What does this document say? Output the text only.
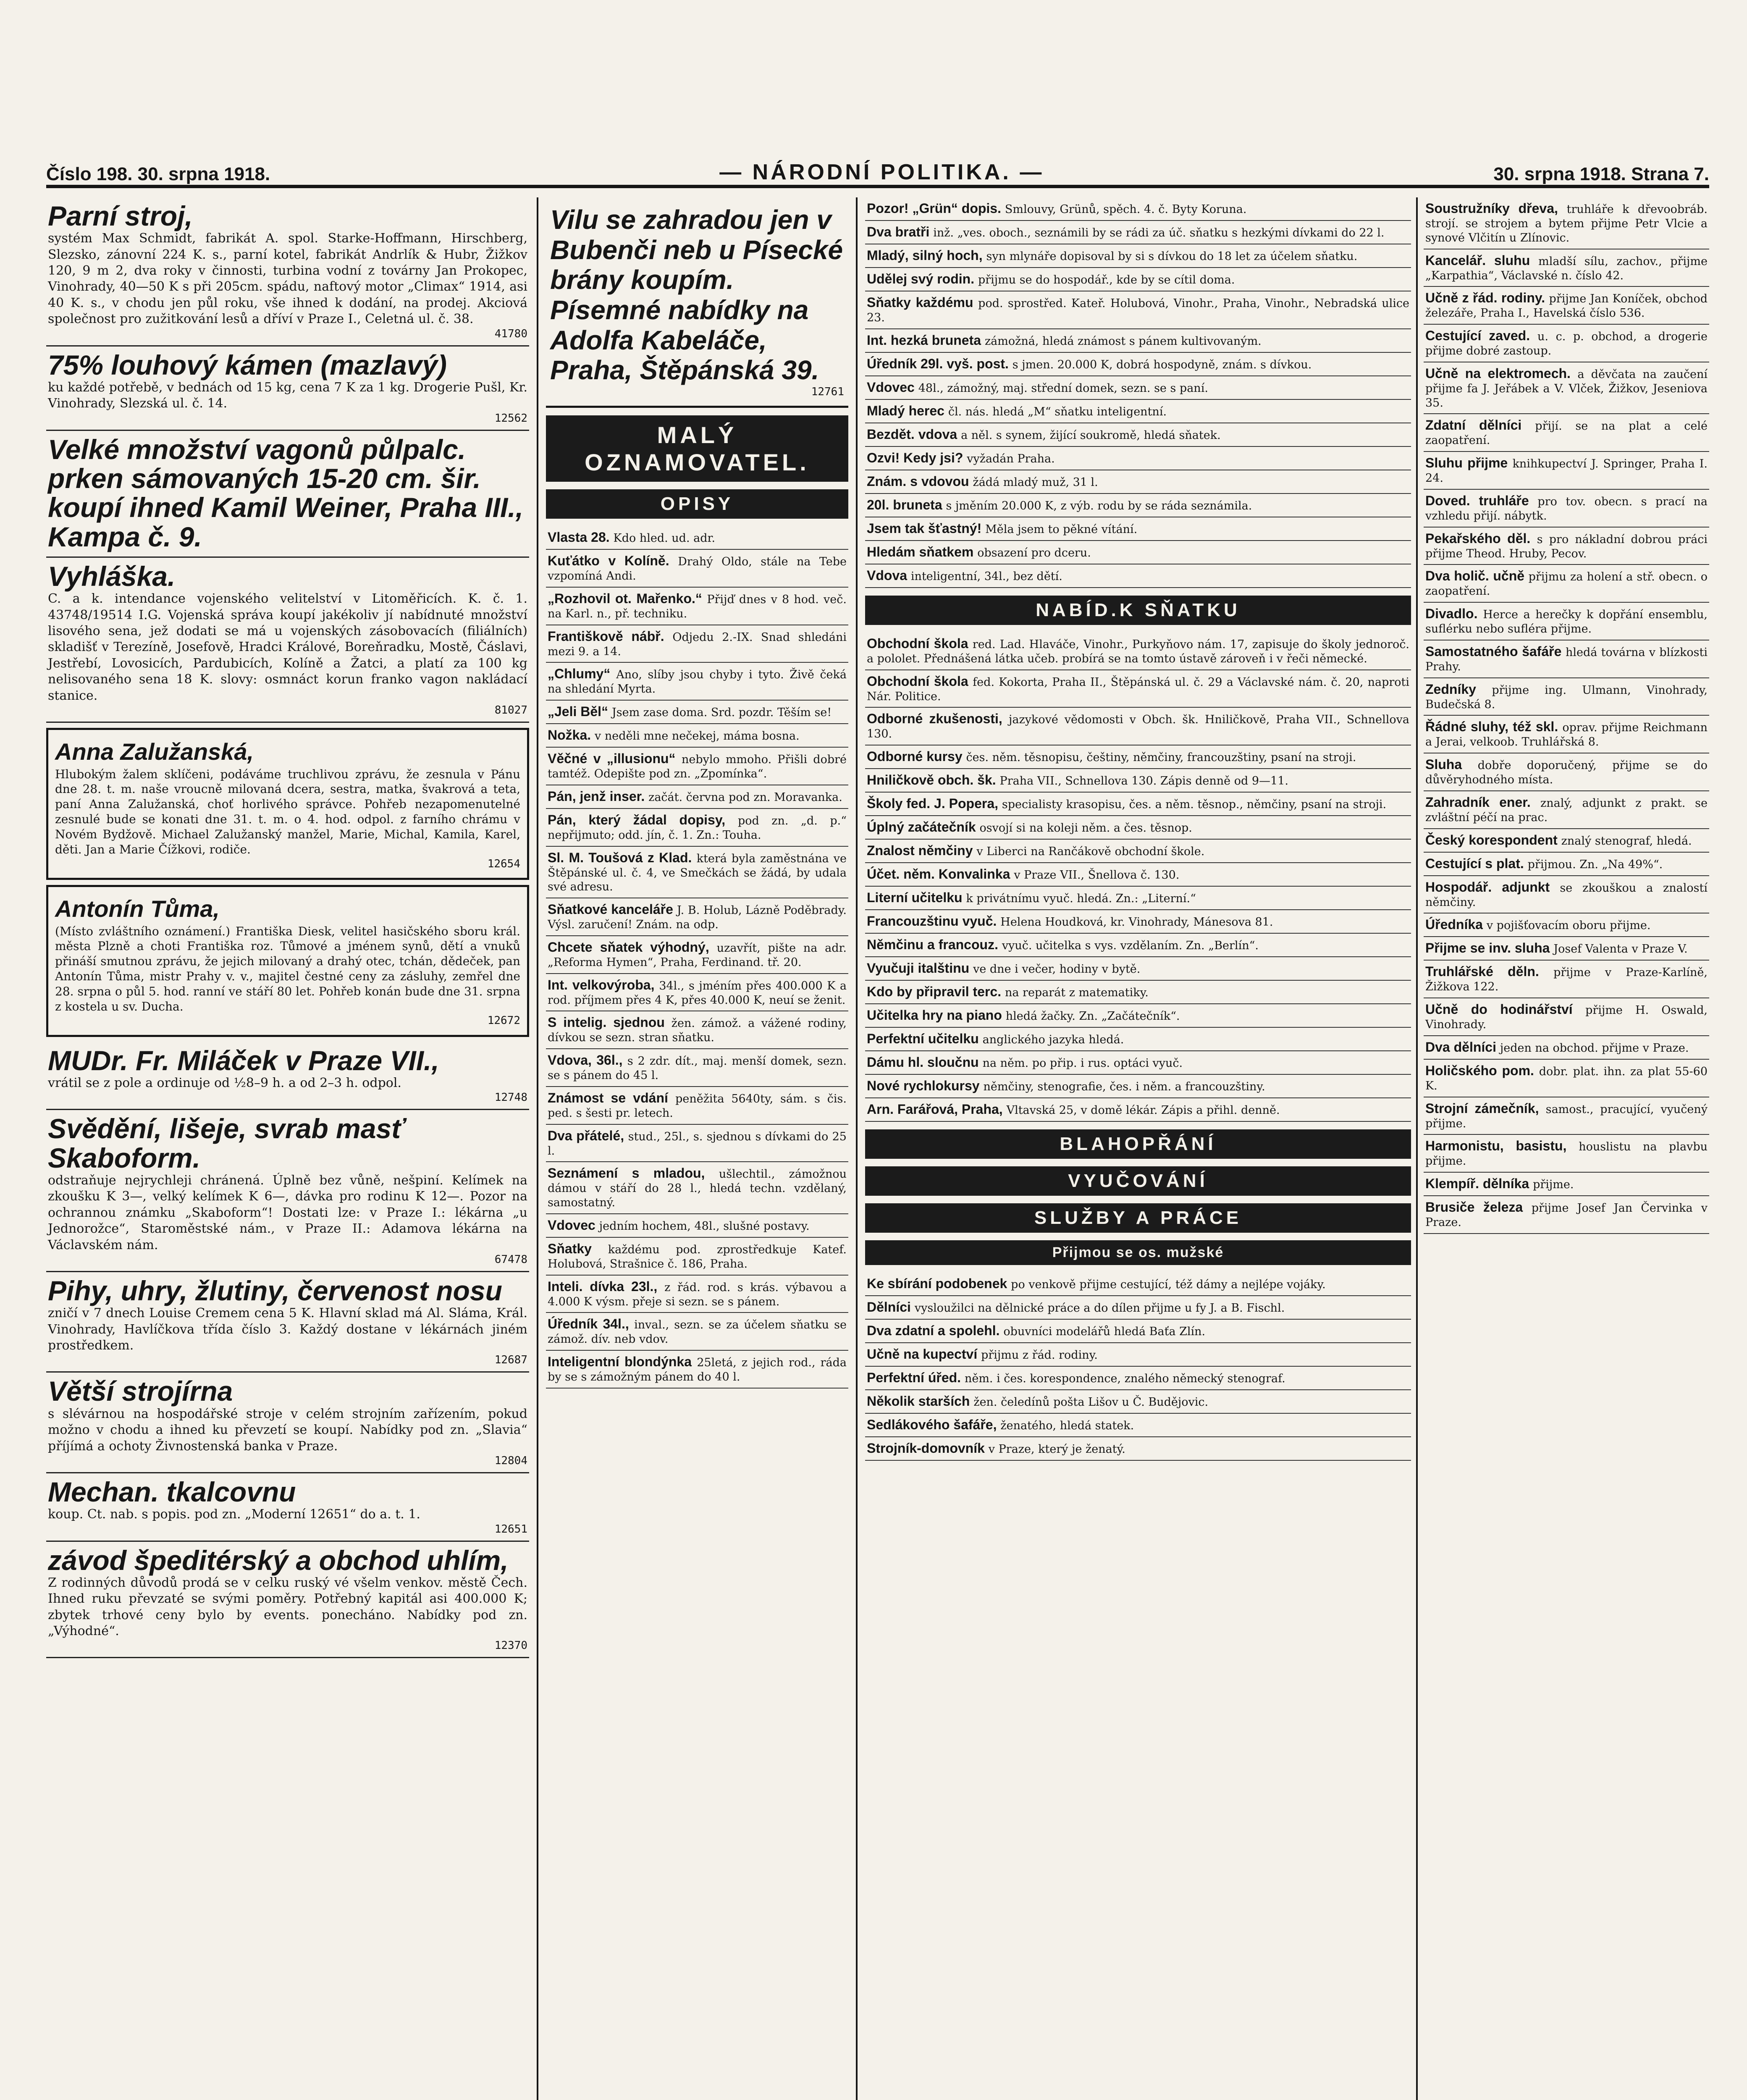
Číslo 198. 30. srpna 1918.	— NÁRODNÍ POLITIKA. —	30. srpna 1918. Strana 7.
Parní stroj,
systém Max Schmidt, fabrikát A. spol. Starke-Hoffmann, Hirschberg, Slezsko, zánovní 224 K. s., parní kotel, fabrikát Andrlík & Hubr, Žižkov 120, 9 m 2, dva roky v činnosti, turbina vodní z továrny Jan Prokopec, Vinohrady, 40—50 K s při 205cm. spádu, naftový motor „Climax“ 1914, asi 40 K. s., v chodu jen půl roku, vše ihned k dodání, na prodej. Akciová společnost pro zužitkování lesů a dříví v Praze I., Celetná ul. č. 38.
41780
75% louhový kámen (mazlavý)
ku každé potřebě, v bednách od 15 kg, cena 7 K za 1 kg. Drogerie Pušl, Kr. Vinohrady, Slezská ul. č. 14.
12562
Velké množství vagonů půlpalc. prken sámovaných 15-20 cm. šir. koupí ihned Kamil Weiner, Praha III., Kampa č. 9.
Vyhláška.
C. a k. intendance vojenského velitelství v Litoměřicích. K. č. 1. 43748/19514 I.G. Vojenská správa koupí jakékoliv jí nabídnuté množství lisového sena, jež dodati se má u vojenských zásobovacích (filiálních) skladišť v Terezíně, Josefově, Hradci Králové, Boreňradku, Mostě, Čáslavi, Jestřebí, Lovosicích, Pardubicích, Kolíně a Žatci, a platí za 100 kg nelisovaného sena 18 K. slovy: osmnáct korun franko vagon nakládací stanice.
81027
Anna Zalužanská,
Hlubokým žalem sklíčeni, podáváme truchlivou zprávu, že zesnula v Pánu dne 28. t. m. naše vroucně milovaná dcera, sestra, matka, švakrová a teta, paní Anna Zalužanská, choť horlivého správce. Pohřeb nezapomenutelné zesnulé bude se konati dne 31. t. m. o 4. hod. odpol. z farního chrámu v Novém Bydžově. Michael Zalužanský manžel, Marie, Michal, Kamila, Karel, děti. Jan a Marie Čížkovi, rodiče.
12654
Antonín Tůma,
(Místo zvláštního oznámení.) Františka Diesk, velitel hasičského sboru král. města Plzně a choti Františka roz. Tůmové a jménem synů, dětí a vnuků přináší smutnou zprávu, že jejich milovaný a drahý otec, tchán, dědeček, pan Antonín Tůma, mistr Prahy v. v., majitel čestné ceny za zásluhy, zemřel dne 28. srpna o půl 5. hod. ranní ve stáří 80 let. Pohřeb konán bude dne 31. srpna z kostela u sv. Ducha.
12672
MUDr. Fr. Miláček v Praze VII.,
vrátil se z pole a ordinuje od ½8–9 h. a od 2–3 h. odpol.
12748
Svědění, lišeje, svrab masť Skaboform.
odstraňuje nejrychleji chránená. Úplně bez vůně, nešpiní. Kelímek na zkoušku K 3—, velký kelímek K 6—, dávka pro rodinu K 12—. Pozor na ochrannou známku „Skaboform“! Dostati lze: v Praze I.: lékárna „u Jednorožce“, Staroměstské nám., v Praze II.: Adamova lékárna na Václavském nám.
67478
Pihy, uhry, žlutiny, červenost nosu
zničí v 7 dnech Louise Cremem cena 5 K. Hlavní sklad má Al. Sláma, Král. Vinohrady, Havlíčkova třída číslo 3. Každý dostane v lékárnách jiném prostředkem.
12687
Větší strojírna
s slévárnou na hospodářské stroje v celém strojním zařízením, pokud možno v chodu a ihned ku převzetí se koupí. Nabídky pod zn. „Slavia“ příjímá a ochoty Živnostenská banka v Praze.
12804
Mechan. tkalcovnu
koup. Ct. nab. s popis. pod zn. „Moderní 12651“ do a. t. 1.
12651
závod špeditérský a obchod uhlím,
Z rodinných důvodů prodá se v celku ruský vé všelm venkov. městě Čech. Ihned ruku převzaté se svými poměry. Potřebný kapitál asi 400.000 K; zbytek trhové ceny bylo by events. ponecháno. Nabídky pod zn. „Výhodné“.
12370
Vilu se zahradou jen v Bubenči neb u Písecké brány koupím. Písemné nabídky na Adolfa Kabeláče, Praha, Štěpánská 39.
12761
MALÝ OZNAMOVATEL.
OPISY
Vlasta 28. Kdo hled. ud. adr.
Kuťátko v Kolíně. Drahý Oldo, stále na Tebe vzpomíná Andi.
„Rozhovil ot. Mařenko.“ Přijď dnes v 8 hod. več. na Karl. n., př. techniku.
Františkově nábř. Odjedu 2.-IX. Snad shledáni mezi 9. a 14.
„Chlumy“ Ano, slíby jsou chyby i tyto. Živě čeká na shledání Myrta.
„Jeli Běl“ Jsem zase doma. Srd. pozdr. Těším se!
Nožka. v neděli mne nečekej, máma bosna.
Věčné v „illusionu“ nebylo mmoho. Přišli dobré tamtéž. Odepište pod zn. „Zpomínka“.
Pán, jenž inser. začát. června pod zn. Moravanka.
Pán, který žádal dopisy, pod zn. „d. p.“ nepřijmuto; odd. jín, č. 1. Zn.: Touha.
Sl. M. Toušová z Klad. která byla zaměstnána ve Štěpánské ul. č. 4, ve Smečkách se žádá, by udala své adresu.
Sňatkové kanceláře J. B. Holub, Lázně Poděbrady. Výsl. zaručení! Znám. na odp.
Chcete sňatek výhodný, uzavřít, pište na adr. „Reforma Hymen“, Praha, Ferdinand. tř. 20.
Int. velkovýroba, 34l., s jméním přes 400.000 K a rod. příjmem přes 4 K, přes 40.000 K, neuí se ženit.
S intelig. sjednou žen. zámož. a vážené rodiny, dívkou se sezn. stran sňatku.
Vdova, 36l., s 2 zdr. dít., maj. menší domek, sezn. se s pánem do 45 l.
Známost se vdání peněžita 5640ty, sám. s čis. ped. s šesti pr. letech.
Dva přátelé, stud., 25l., s. sjednou s dívkami do 25 l.
Seznámení s mladou, ušlechtil., zámožnou dámou v stáří do 28 l., hledá techn. vzdělaný, samostatný.
Vdovec jedním hochem, 48l., slušné postavy.
Sňatky každému pod. zprostředkuje Katef. Holubová, Strašnice č. 186, Praha.
Inteli. dívka 23l., z řád. rod. s krás. výbavou a 4.000 K výsm. přeje si sezn. se s pánem.
Úředník 34l., inval., sezn. se za účelem sňatku se zámož. dív. neb vdov.
Inteligentní blondýnka 25letá, z jejich rod., ráda by se s zámožným pánem do 40 l.
Pozor! „Grün“ dopis. Smlouvy, Grünů, spěch. 4. č. Byty Koruna.
Dva bratři inž. „ves. oboch., seznámili by se rádi za úč. sňatku s hezkými dívkami do 22 l.
Mladý, silný hoch, syn mlynáře dopisoval by si s dívkou do 18 let za účelem sňatku.
Udělej svý rodin. přijmu se do hospodář., kde by se cítil doma.
Sňatky každému pod. sprostřed. Kateř. Holubová, Vinohr., Praha, Vinohr., Nebradská ulice 23.
Int. hezká bruneta zámožná, hledá známost s pánem kultivovaným.
Úředník 29l. vyš. post. s jmen. 20.000 K, dobrá hospodyně, znám. s dívkou.
Vdovec 48l., zámožný, maj. střední domek, sezn. se s paní.
Mladý herec čl. nás. hledá „M“ sňatku inteligentní.
Bezdět. vdova a něl. s synem, žijící soukromě, hledá sňatek.
Ozvi! Kedy jsi? vyžadán Praha.
Znám. s vdovou žádá mladý muž, 31 l.
20l. bruneta s jměním 20.000 K, z výb. rodu by se ráda seznámila.
Jsem tak šťastný! Měla jsem to pěkné vítání.
Hledám sňatkem obsazení pro dceru.
Vdova inteligentní, 34l., bez dětí.
NABÍD.K SŇATKU
Obchodní škola red. Lad. Hlaváče, Vinohr., Purkyňovo nám. 17, zapisuje do školy jednoroč. a pololet. Přednášená látka učeb. probírá se na tomto ústavě zároveň i v řeči německé.
Obchodní škola fed. Kokorta, Praha II., Štěpánská ul. č. 29 a Václavské nám. č. 20, naproti Nár. Politice.
Odborné zkušenosti, jazykové vědomosti v Obch. šk. Hniličkově, Praha VII., Schnellova 130.
Odborné kursy čes. něm. těsnopisu, češtiny, němčiny, francouzštiny, psaní na stroji.
Hniličkově obch. šk. Praha VII., Schnellova 130. Zápis denně od 9—11.
Školy fed. J. Popera, specialisty krasopisu, čes. a něm. těsnop., němčiny, psaní na stroji.
Úplný začátečník osvojí si na koleji něm. a čes. těsnop.
Znalost němčiny v Liberci na Rančákově obchodní škole.
Účet. něm. Konvalinka v Praze VII., Šnellova č. 130.
Literní učitelku k privátnímu vyuč. hledá. Zn.: „Literní.“
Francouzštinu vyuč. Helena Houdková, kr. Vinohrady, Mánesova 81.
Němčinu a francouz. vyuč. učitelka s vys. vzdělaním. Zn. „Berlín“.
Vyučuji italštinu ve dne i večer, hodiny v bytě.
Kdo by připravil terc. na reparát z matematiky.
Učitelka hry na piano hledá žačky. Zn. „Začátečník“.
Perfektní učitelku anglického jazyka hledá.
Dámu hl. sloučnu na něm. po přip. i rus. optáci vyuč.
Nové rychlokursy němčiny, stenografie, čes. i něm. a francouzštiny.
Arn. Farářová, Praha, Vltavská 25, v domě lékár. Zápis a přihl. denně.
BLAHOPŘÁNÍ
VYUČOVÁNÍ
SLUŽBY A PRÁCE
Přijmou se os. mužské
Ke sbírání podobenek po venkově přijme cestující, též dámy a nejlépe vojáky.
Dělníci vysloužilci na dělnické práce a do dílen přijme u fy J. a B. Fischl.
Dva zdatní a spolehl. obuvníci modelářů hledá Baťa Zlín.
Učně na kupectví přijmu z řád. rodiny.
Perfektní úřed. něm. i čes. korespondence, znalého německý stenograf.
Několik starších žen. čeledínů pošta Lišov u Č. Budějovic.
Sedlákového šafáře, ženatého, hledá statek.
Strojník-domovník v Praze, který je ženatý.
Soustružníky dřeva, truhláře k dřevoobráb. strojí. se strojem a bytem přijme Petr Vlcie a synové Vlčitín u Zlínovic.
Kancelář. sluhu mladší sílu, zachov., přijme „Karpathia“, Václavské n. číslo 42.
Učně z řád. rodiny. přijme Jan Koníček, obchod železáře, Praha I., Havelská číslo 536.
Cestující zaved. u. c. p. obchod, a drogerie přijme dobré zastoup.
Učně na elektromech. a děvčata na zaučení přijme fa J. Jeřábek a V. Vlček, Žižkov, Jeseniova 35.
Zdatní dělníci přijí. se na plat a celé zaopatření.
Sluhu přijme knihkupectví J. Springer, Praha I. 24.
Doved. truhláře pro tov. obecn. s prací na vzhledu přijí. nábytk.
Pekařského děl. s pro nákladní dobrou práci přijme Theod. Hruby, Pecov.
Dva holič. učně přijmu za holení a stř. obecn. o zaopatření.
Divadlo. Herce a herečky k dopřání ensemblu, suflérku nebo sufléra přijme.
Samostatného šafáře hledá továrna v blízkosti Prahy.
Zedníky přijme ing. Ulmann, Vinohrady, Budečská 8.
Řádné sluhy, též skl. oprav. přijme Reichmann a Jerai, velkoob. Truhlářská 8.
Sluha dobře doporučený, přijme se do důvěryhodného místa.
Zahradník ener. znalý, adjunkt z prakt. se zvláštní péčí na prac.
Český korespondent znalý stenograf, hledá.
Cestující s plat. přijmou. Zn. „Na 49%“.
Hospodář. adjunkt se zkouškou a znalostí němčiny.
Úředníka v pojišťovacím oboru přijme.
Přijme se inv. sluha Josef Valenta v Praze V.
Truhlářské děln. přijme v Praze-Karlíně, Žižkova 122.
Učně do hodinářství přijme H. Oswald, Vinohrady.
Dva dělníci jeden na obchod. přijme v Praze.
Holičského pom. dobr. plat. ihn. za plat 55-60 K.
Strojní zámečník, samost., pracující, vyučený přijme.
Harmonistu, basistu, houslistu na plavbu přijme.
Klempíř. dělníka přijme.
Brusiče železa přijme Josef Jan Červinka v Praze.
